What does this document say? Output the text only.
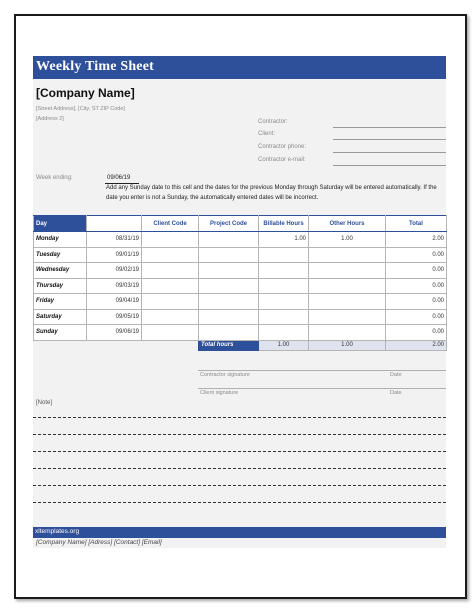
Weekly Time Sheet
[Company Name]
[Street Address], [City, ST ZIP Code]
[Address 2]	Contractor:
Client:
Contractor phone:
Contractor e-mail:
Week ending:	09/06/19
Add any Sunday date to this cell and the dates for the previous Monday through Saturday will be entered automatically. If the date you enter is not a Sunday, the automatically entered dates will be incorrect.
Day		Client Code	Project Code	Billable Hours	Other Hours	Total
Monday	08/31/19			1.00	1.00	2.00
Tuesday	09/01/19					0.00
Wednesday	09/02/19					0.00
Thursday	09/03/19					0.00
Friday	09/04/19					0.00
Saturday	09/05/19					0.00
Sunday	09/06/19					0.00
			Total hours	1.00	1.00	2.00
Contractor signature	Date
Client signature	Date
[Note]
xltemplates.org
[Company Name] [Adress] [Contact] [Email]
